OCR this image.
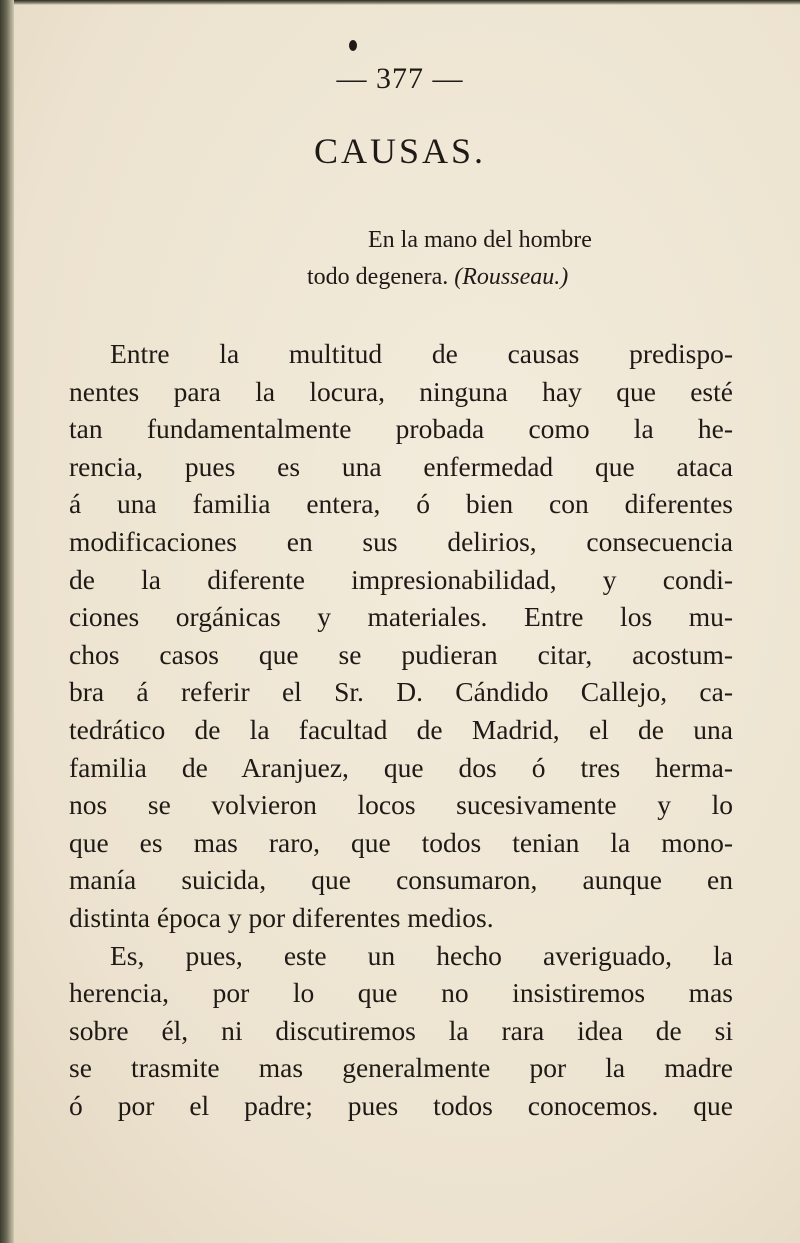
— 377 —
CAUSAS.
En la mano del hombre
todo degenera. (Rousseau.)
Entre la multitud de causas predispo-
nentes para la locura, ninguna hay que esté
tan fundamentalmente probada como la he-
rencia, pues es una enfermedad que ataca
á una familia entera, ó bien con diferentes
modificaciones en sus delirios, consecuencia
de la diferente impresionabilidad, y condi-
ciones orgánicas y materiales. Entre los mu-
chos casos que se pudieran citar, acostum-
bra á referir el Sr. D. Cándido Callejo, ca-
tedrático de la facultad de Madrid, el de una
familia de Aranjuez, que dos ó tres herma-
nos se volvieron locos sucesivamente y lo
que es mas raro, que todos tenian la mono-
manía suicida, que consumaron, aunque en
distinta época y por diferentes medios.
Es, pues, este un hecho averiguado, la
herencia, por lo que no insistiremos mas
sobre él, ni discutiremos la rara idea de si
se trasmite mas generalmente por la madre
ó por el padre; pues todos conocemos. que
